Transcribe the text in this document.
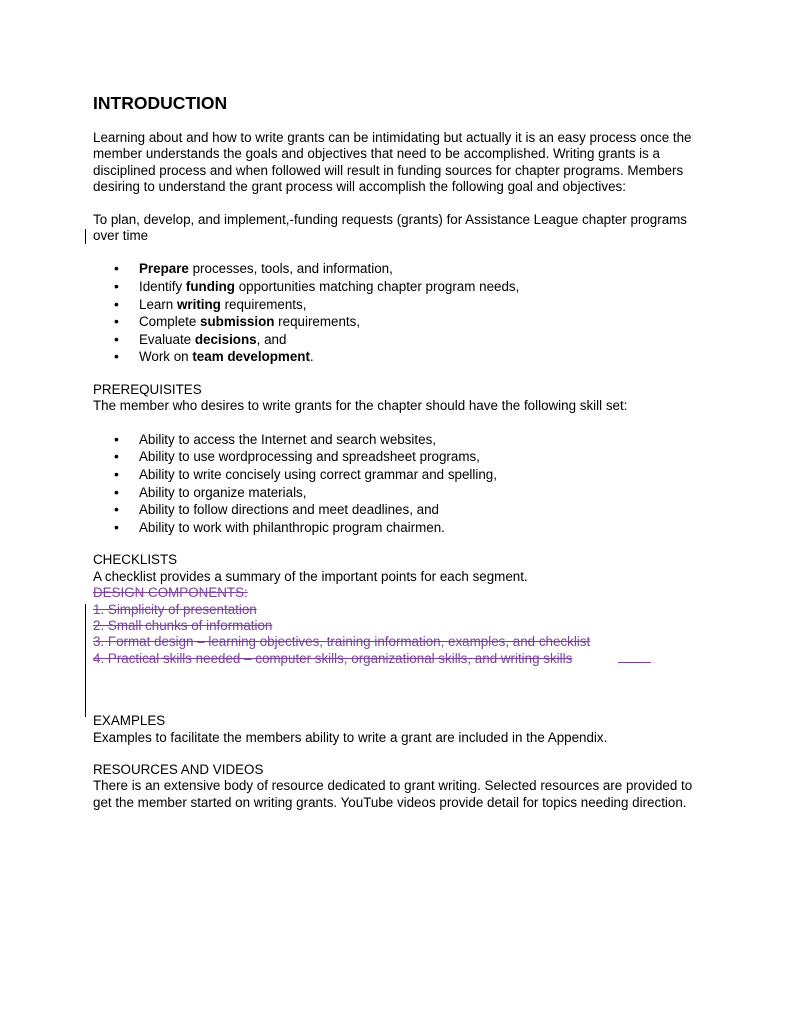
INTRODUCTION

Learning about and how to write grants can be intimidating but actually it is an easy process once the member understands the goals and objectives that need to be accomplished. Writing grants is a disciplined process and when followed will result in funding sources for chapter programs. Members desiring to understand the grant process will accomplish the following goal and objectives:

To plan, develop, and implement,-funding requests (grants) for Assistance League chapter programs over time

• Prepare processes, tools, and information,
• Identify funding opportunities matching chapter program needs,
• Learn writing requirements,
• Complete submission requirements,
• Evaluate decisions, and
• Work on team development.

PREREQUISITES

The member who desires to write grants for the chapter should have the following skill set:

• Ability to access the Internet and search websites,
• Ability to use wordprocessing and spreadsheet programs,
• Ability to write concisely using correct grammar and spelling,
• Ability to organize materials,
• Ability to follow directions and meet deadlines, and
• Ability to work with philanthropic program chairmen.

CHECKLISTS

A checklist provides a summary of the important points for each segment.

DESIGN COMPONENTS:
1. Simplicity of presentation
2. Small chunks of information
3. Format design – learning objectives, training information, examples, and checklist
4. Practical skills needed – computer skills, organizational skills, and writing skills

EXAMPLES

Examples to facilitate the members ability to write a grant are included in the Appendix.

RESOURCES AND VIDEOS

There is an extensive body of resource dedicated to grant writing. Selected resources are provided to get the member started on writing grants. YouTube videos provide detail for topics needing direction.
